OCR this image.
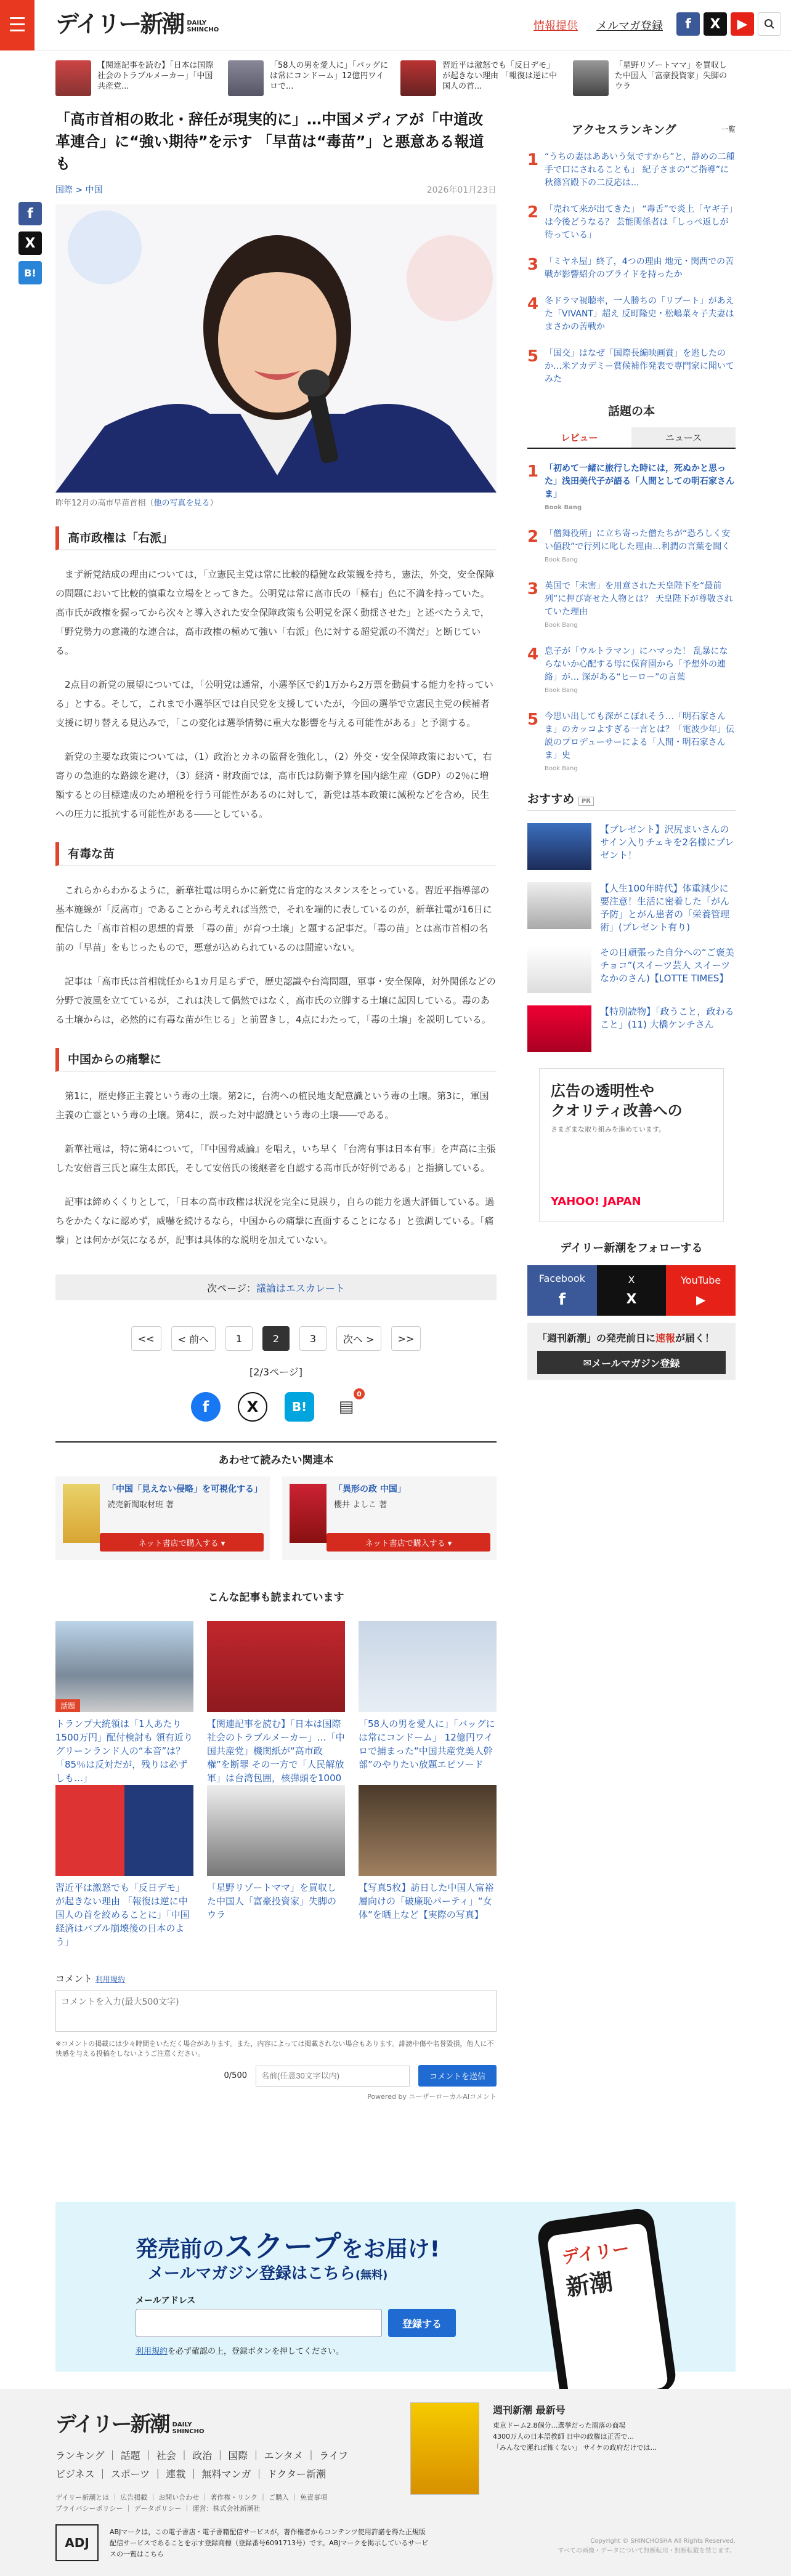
デイリー新潮 DAILY
SHINCHO	情報提供 メルマガ登録	f	X	▶

【関連記事を読む】「日本は国際社会のトラブルメーカー」「中国共産党...

「58人の男を愛人に」「バッグには常にコンドーム」12億円ワイロで...

習近平は激怒でも「反日デモ」が起きない理由 「報復は逆に中国人の首...

「星野リゾートママ」を買収した中国人「富豪投資家」失脚のウラ

f
X
B!
「高市首相の敗北・辞任が現実的に」…中国メディアが「中道改革連合」に“強い期待”を示す 「早苗は“毒苗”」と悪意ある報道も
国際 > 中国	2026年01月23日

昨年12月の高市早苗首相（他の写真を見る）

高市政権は「右派」

まず新党結成の理由については，「立憲民主党は常に比較的穏健な政策観を持ち，憲法，外交，安全保障の問題において比較的慎重な立場をとってきた。公明党は常に高市氏の「極右」色に不満を持っていた。高市氏が政権を握ってから次々と導入された安全保障政策も公明党を深く動揺させた」と述べたうえで，「野党勢力の意識的な連合は，高市政権の極めて強い「右派」色に対する超党派の不満だ」と断じている。

2点目の新党の展望については，「公明党は通常，小選挙区で約1万から2万票を動員する能力を持っている」とする。そして，これまで小選挙区では自民党を支援していたが，今回の選挙で立憲民主党の候補者支援に切り替える見込みで，「この変化は選挙情勢に重大な影響を与える可能性がある」と予測する。

新党の主要な政策については，（1）政治とカネの監督を強化し，（2）外交・安全保障政策において，右寄りの急進的な路線を避け，（3）経済・財政面では，高市氏は防衛予算を国内総生産（GDP）の2％に増額するとの目標達成のため増税を行う可能性があるのに対して，新党は基本政策に減税などを含め，民生への圧力に抵抗する可能性がある――としている。

有毒な苗

これらからわかるように，新華社電は明らかに新党に肯定的なスタンスをとっている。習近平指導部の基本施線が「反高市」であることから考えれば当然で，それを端的に表しているのが，新華社電が16日に配信した「高市首相の思想的背景 「毒の苗」が育つ土壌」と題する記事だ。「毒の苗」とは高市首相の名前の「早苗」をもじったもので，悪意が込められているのは間違いない。

記事は「高市氏は首相就任から1カ月足らずで，歴史認識や台湾問題，軍事・安全保障，対外関係などの分野で波風を立てているが，これは決して偶然ではなく，高市氏の立脚する土壌に起因している。毒のある土壌からは，必然的に有毒な苗が生じる」と前置きし，4点にわたって，「毒の土壌」を説明している。

中国からの痛撃に

第1に，歴史修正主義という毒の土壌。第2に，台湾への植民地支配意識という毒の土壌。第3に，軍国主義の亡霊という毒の土壌。第4に，誤った対中認識という毒の土壌――である。

新華社電は，特に第4について，「『中国脅威論』を唱え，いち早く「台湾有事は日本有事」を声高に主張した安倍晋三氏と麻生太郎氏，そして安倍氏の後継者を自認する高市氏が好例である」と指摘している。

記事は締めくくりとして，「日本の高市政権は状況を完全に見誤り，自らの能力を過大評価している。過ちをかたくなに認めず，威嚇を続けるなら，中国からの痛撃に直面することになる」と強調している。「痛撃」とは何かが気になるが，記事は具体的な説明を加えていない。

次ページ： 議論はエスカレート
<<	< 前へ	1	2	3	次へ >	>>

[2/3ページ]

f	X	B!	▤
0
あわせて読みたい関連本

「中国「見えない侵略」を可視化する」

読売新聞取材班 著

ネット書店で購入する ▾

「異形の政 中国」

櫻井 よしこ 著

ネット書店で購入する ▾
こんな記事も読まれています
話題

トランプ大統領は「1人あたり1500万円」配付検討も 領有近りグリーンランド人の“本音”は？ 「85％は反対だが，残りは必ずしも…」

【関連記事を読む】「日本は国際社会のトラブルメーカー」…「中国共産党」機関紙が“高市政権”を断罪 その一方で「人民解放軍」は台湾包囲，核弾頭を1000

「58人の男を愛人に」「バッグには常にコンドーム」 12億円ワイロで捕まった“中国共産党美人幹部”のやりたい放題エピソード

習近平は激怒でも「反日デモ」が起きない理由 「報復は逆に中国人の首を絞めることに」「中国経済はバブル崩壊後の日本のよう」

「星野リゾートママ」を買収した中国人「富豪投資家」失脚のウラ

【写真5枚】訪日した中国人富裕層向けの「破廉恥パーティ」“女体”を晒上など【実際の写真】

コメント 利用規約

コメントを入力(最大500文字)

※コメントの掲載には少々時間をいただく場合があります。また，内容によっては掲載されない場合もあります。誹謗中傷や名誉毀損，他人に不快感を与える投稿をしないようご注意ください。

0/500
名前(任意30文字以内)	コメントを送信

Powered by ユーザーローカルAIコメント

アクセスランキング	一覧
1 “うちの妻はああいう気ですから”と，静めの二種手で口にされることも」 紀子さまの“ご指導”に秋篠宮殿下の二反応は...

2 「売れて来が出てきた」 “毒舌”で炎上「ヤギ子」は今後どうなる？ 芸能関係者は「しっぺ返しが待っている」

3 「ミヤネ屋」終了，4つの理由 地元・関西での苦戦が影響紹介のブライドを持ったか

4 冬ドラマ視聴率，一人勝ちの「リブート」があえた「VIVANT」超え 反町隆史・松嶋菜々子夫妻はまさかの苦戦か

5 「国交」はなぜ「国際長編映画賞」を逃したのか…米アカデミー賞候補作発表で専門家に聞いてみた

話題の本
レビュー	ニュース
1 「初めて一緒に旅行した時には，死ぬかと思った」浅田美代子が語る「人間としての明石家さんま」
Book Bang

2 「僧舞役所」に立ち寄った僧たちが“恐ろしく安い値段”で行列に叱した理由…利潤の言葉を聞く
Book Bang

3 英国で「未害」を用意された天皇陛下を“最前列”に押び寄せた人物とは？ 天皇陛下が尊敬されていた理由
Book Bang

4 息子が「ウルトラマン」にハマった！ 乱暴にならないか心配する母に保育園から「予想外の連絡」が… 深がある“ヒーロー”の言葉
Book Bang

5 今思い出しても深がこぼれそう…「明石家さんま」のカッコよすぎる一言とは？「電波少年」伝説のプロデューサーによる「人間・明石家さんま」史
Book Bang

おすすめ PR

【プレゼント】沢尻まいさんのサイン入りチェキを2名様にプレゼント！

【人生100年時代】体重減少に要注意！生活に密着した「がん予防」とがん患者の「栄養管理術」(プレゼント有り)

その日頑張った自分への“ご褒美チョコ”(スイーツ芸人 スイーツなかのさん)【LOTTE TIMES】

【特別読物】「政うこと，政わること」(11) 大橋ケンチさん

広告の透明性や
クオリティ改善への

さまざまな取り組みを進めています。

YAHOO! JAPAN

デイリー新潮をフォローする

Facebook
f
X
X
YouTube
▶

「週刊新潮」の発売前日に速報が届く！

✉ メールマガジン登録
発売前のスクープをお届け!
メールマガジン登録はこちら(無料)

メールアドレス

登録する

利用規約を必ず確認の上，登録ボタンを押してください。

デイリー

新潮

デイリー新潮 DAILY
SHINCHO

ランキング ｜ 話題 ｜ 社会 ｜ 政治 ｜ 国際 ｜ エンタメ ｜ ライフ

ビジネス ｜ スポーツ ｜ 連載 ｜ 無料マンガ ｜ ドクター新潮

デイリー新潮とは ｜ 広告掲載 ｜ お問い合わせ ｜ 著作権・リンク ｜ ご購入 ｜ 免責事項
プライバシーポリシー ｜ データポリシー ｜ 運営：株式会社新潮社

週刊新潮 最新号

東京ドーム2.8個分…選挙だった雨落の商場

4300万人の日本語教師 日中の政権は正否で...

「みんなで運れば怖くない」 サイケの政府だけでは...

ADJ

ABJマークは，この電子書店・電子書籍配信サービスが，著作権者からコンテンツ使用許諾を得た正規版配信サービスであることを示す登録商標（登録番号6091713号）です。ABJマークを掲示しているサービスの一覧はこちら

Copyright © SHINCHOSHA All Rights Reserved.
すべての画像・データについて無断転用・無断転載を禁じます。
